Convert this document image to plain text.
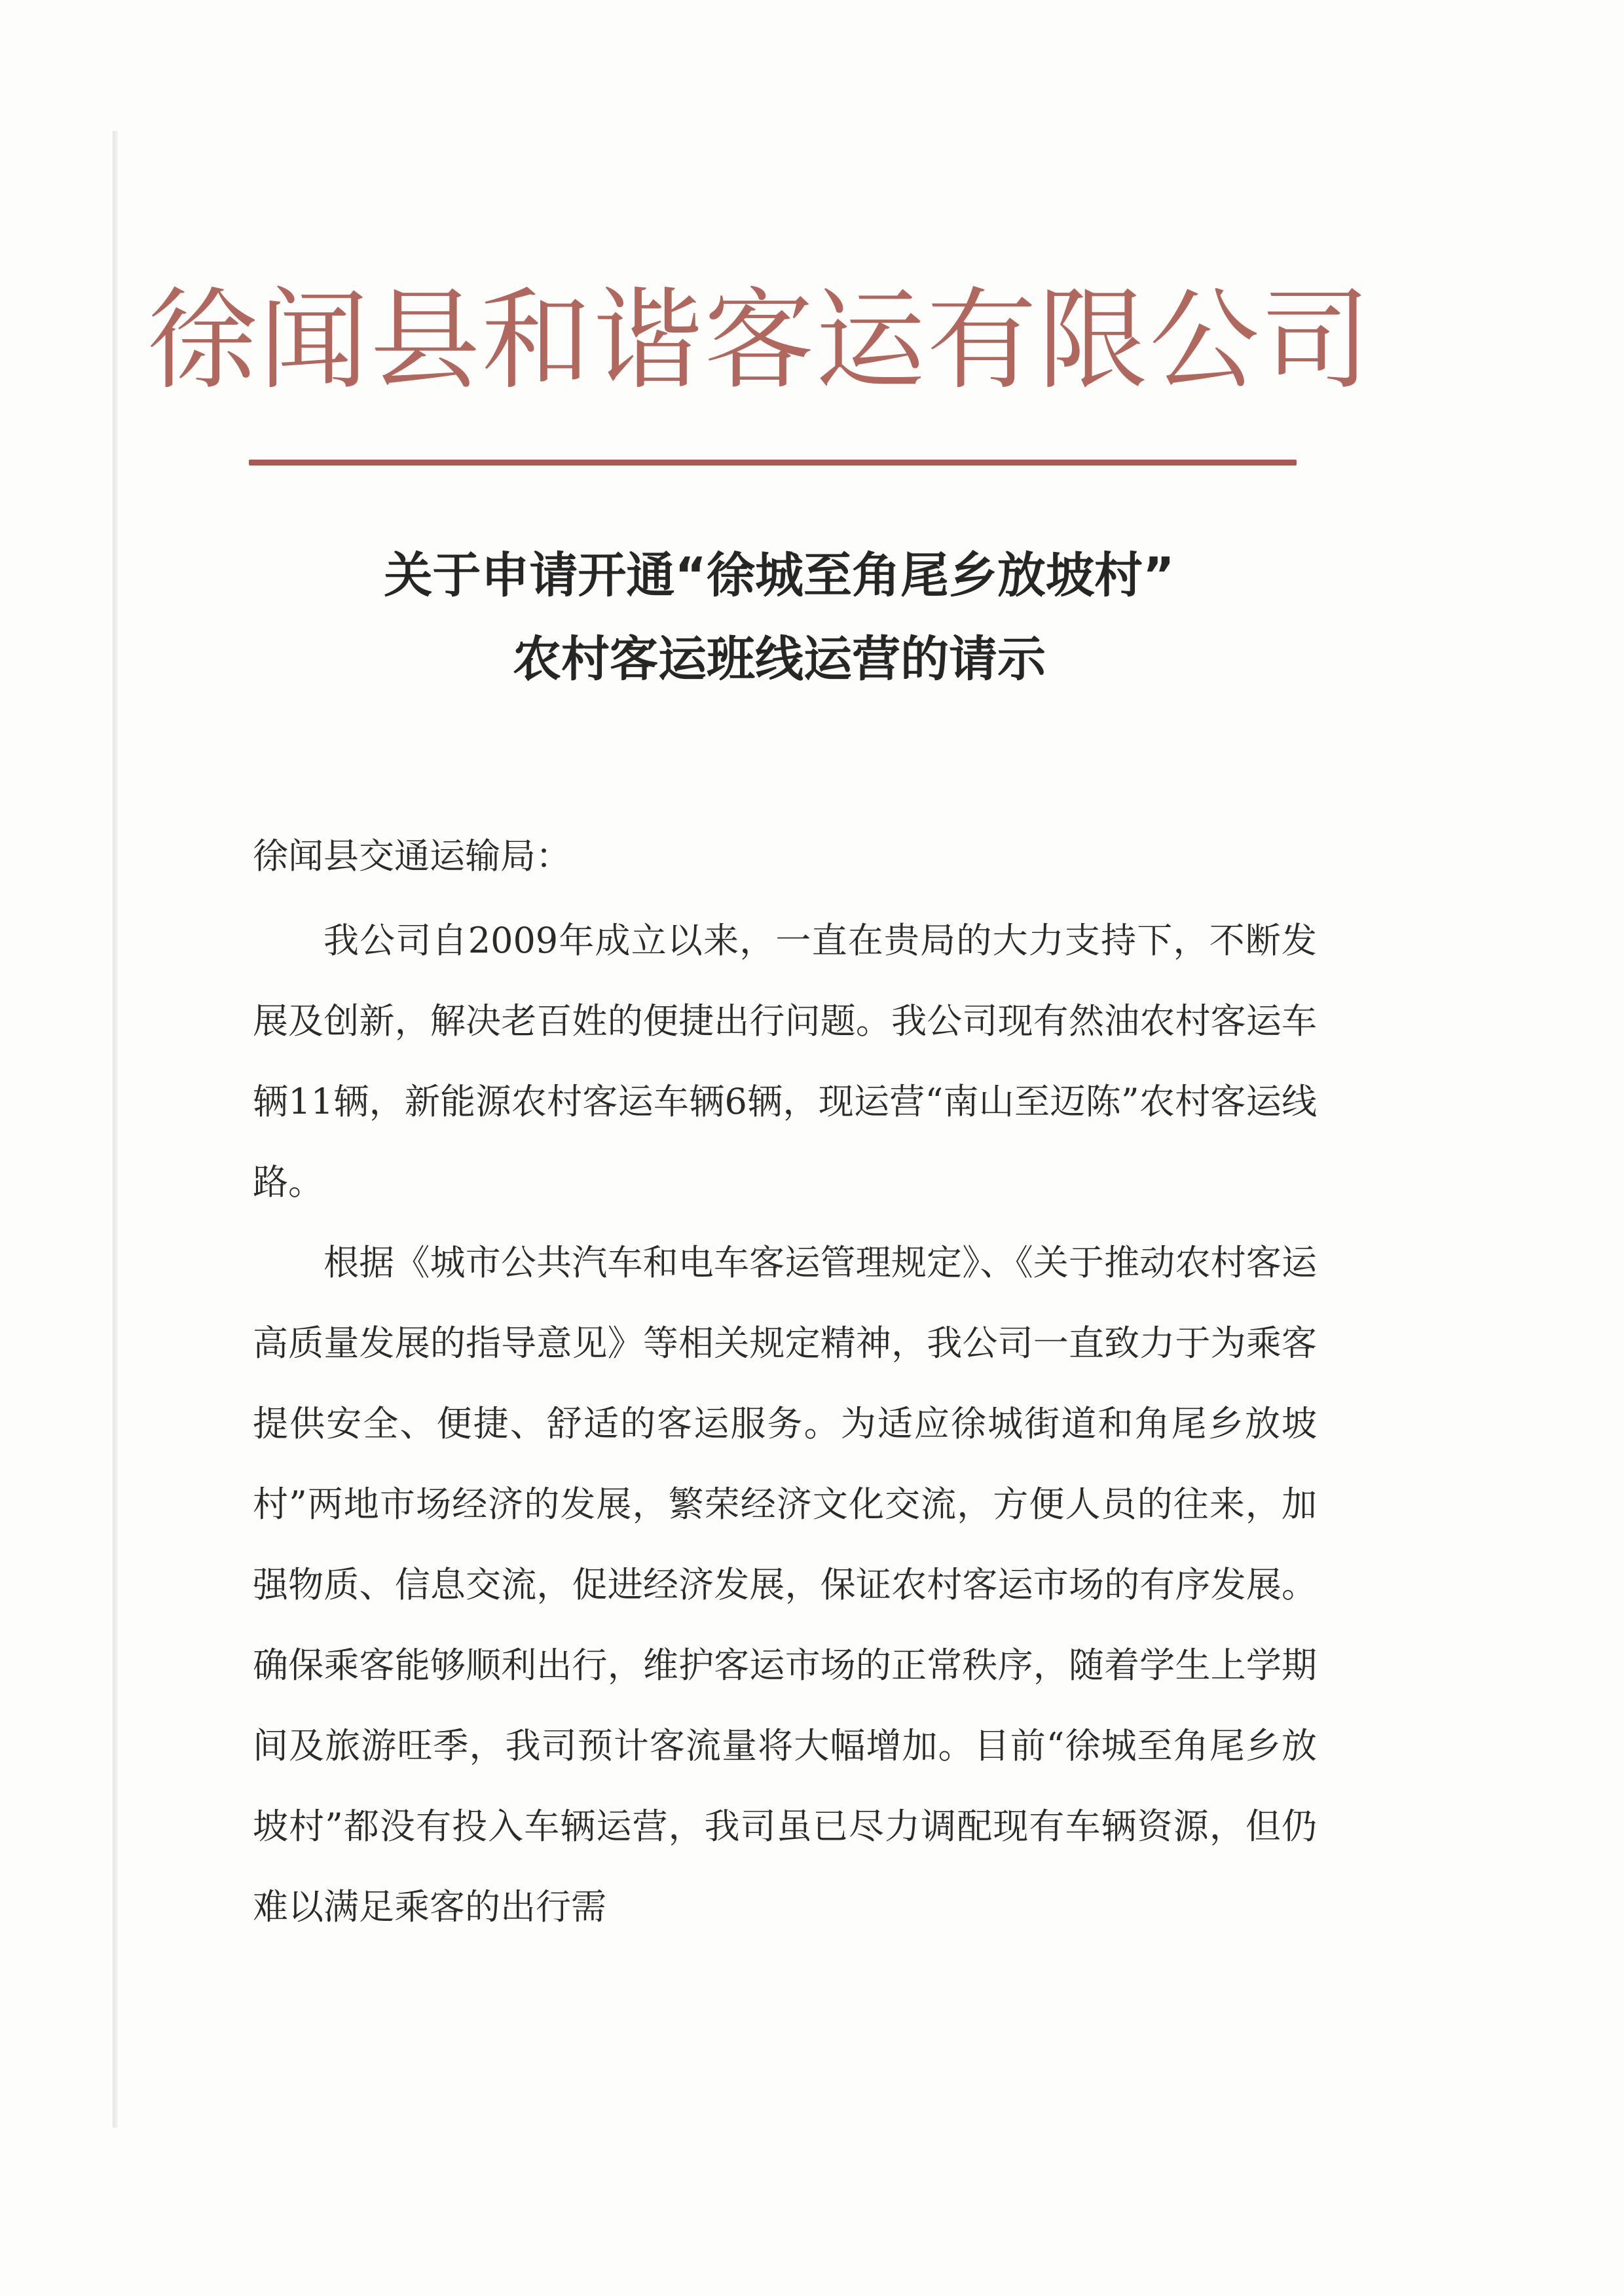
徐闻县和谐客运有限公司
关于申请开通“徐城至角尾乡放坡村”
农村客运班线运营的请示
徐闻县交通运输局：

我公司自2009年成立以来，一直在贵局的大力支持下，不断发展及创新，解决老百姓的便捷出行问题。我公司现有然油农村客运车辆11辆，新能源农村客运车辆6辆，现运营“南山至迈陈”农村客运线路。

根据《城市公共汽车和电车客运管理规定》、《关于推动农村客运高质量发展的指导意见》等相关规定精神，我公司一直致力于为乘客提供安全、便捷、舒适的客运服务。为适应徐城街道和角尾乡放坡村”两地市场经济的发展，繁荣经济文化交流，方便人员的往来，加强物质、信息交流，促进经济发展，保证农村客运市场的有序发展。确保乘客能够顺利出行，维护客运市场的正常秩序，随着学生上学期间及旅游旺季，我司预计客流量将大幅增加。目前“徐城至角尾乡放坡村”都没有投入车辆运营，我司虽已尽力调配现有车辆资源，但仍难以满足乘客的出行需
